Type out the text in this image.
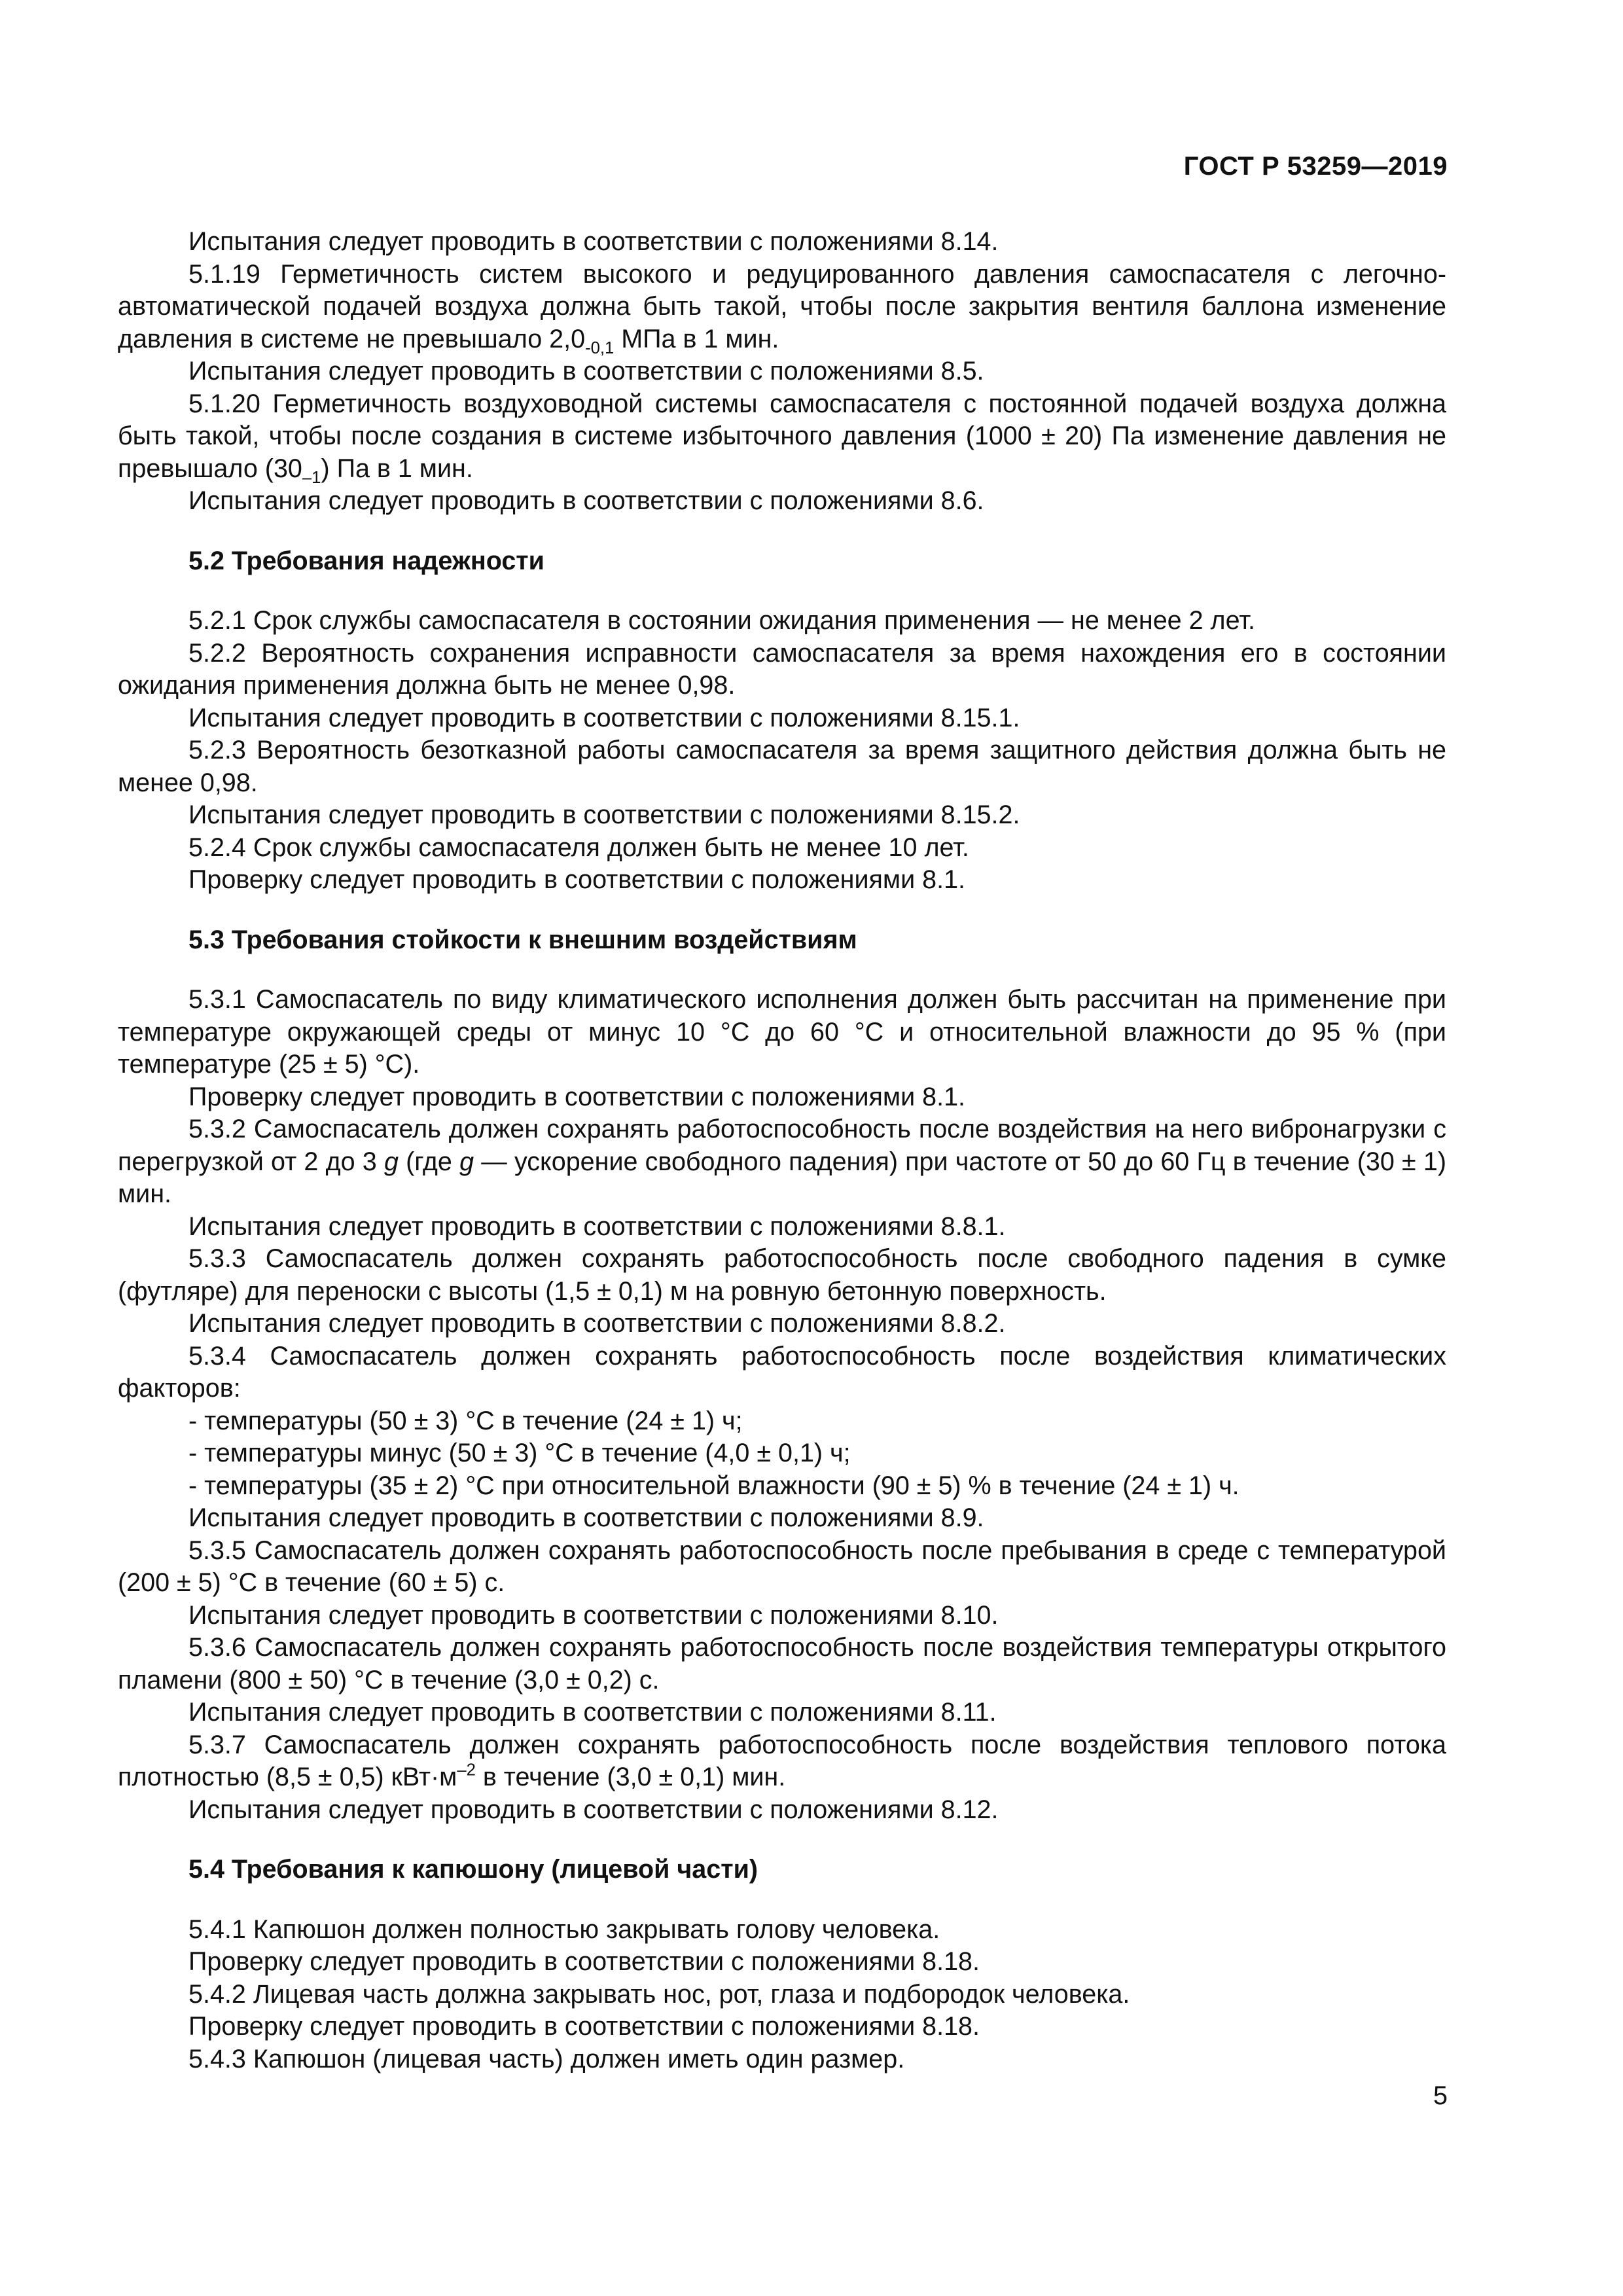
ГОСТ Р 53259—2019

Испытания следует проводить в соответствии с положениями 8.14.

5.1.19 Герметичность систем высокого и редуцированного давления самоспасателя с легочно-автоматической подачей воздуха должна быть такой, чтобы после закрытия вентиля баллона изменение давления в системе не превышало $2,0_{-0,1}$ МПа в 1 мин.

Испытания следует проводить в соответствии с положениями 8.5.

5.1.20 Герметичность воздуховодной системы самоспасателя с постоянной подачей воздуха должна быть такой, чтобы после создания в системе избыточного давления (1000 ± 20) Па изменение давления не превышало $(30_{-1})$ Па в 1 мин.

Испытания следует проводить в соответствии с положениями 8.6.

5.2 Требования надежности

5.2.1 Срок службы самоспасателя в состоянии ожидания применения — не менее 2 лет.

5.2.2 Вероятность сохранения исправности самоспасателя за время нахождения его в состоянии ожидания применения должна быть не менее 0,98.

Испытания следует проводить в соответствии с положениями 8.15.1.

5.2.3 Вероятность безотказной работы самоспасателя за время защитного действия должна быть не менее 0,98.

Испытания следует проводить в соответствии с положениями 8.15.2.

5.2.4 Срок службы самоспасателя должен быть не менее 10 лет.

Проверку следует проводить в соответствии с положениями 8.1.

5.3 Требования стойкости к внешним воздействиям

5.3.1 Самоспасатель по виду климатического исполнения должен быть рассчитан на применение при температуре окружающей среды от минус 10 °С до 60 °С и относительной влажности до 95 % (при температуре (25 ± 5) °С).

Проверку следует проводить в соответствии с положениями 8.1.

5.3.2 Самоспасатель должен сохранять работоспособность после воздействия на него вибронагрузки с перегрузкой от 2 до 3 g (где g — ускорение свободного падения) при частоте от 50 до 60 Гц в течение (30 ± 1) мин.

Испытания следует проводить в соответствии с положениями 8.8.1.

5.3.3 Самоспасатель должен сохранять работоспособность после свободного падения в сумке (футляре) для переноски с высоты (1,5 ± 0,1) м на ровную бетонную поверхность.

Испытания следует проводить в соответствии с положениями 8.8.2.

5.3.4 Самоспасатель должен сохранять работоспособность после воздействия климатических факторов:

- температуры (50 ± 3) °С в течение (24 ± 1) ч;

- температуры минус (50 ± 3) °С в течение (4,0 ± 0,1) ч;

- температуры (35 ± 2) °С при относительной влажности (90 ± 5) % в течение (24 ± 1) ч.

Испытания следует проводить в соответствии с положениями 8.9.

5.3.5 Самоспасатель должен сохранять работоспособность после пребывания в среде с температурой (200 ± 5) °С в течение (60 ± 5) с.

Испытания следует проводить в соответствии с положениями 8.10.

5.3.6 Самоспасатель должен сохранять работоспособность после воздействия температуры открытого пламени (800 ± 50) °С в течение (3,0 ± 0,2) с.

Испытания следует проводить в соответствии с положениями 8.11.

5.3.7 Самоспасатель должен сохранять работоспособность после воздействия теплового потока плотностью (8,5 ± 0,5) $кВт\cdot м^{-2}$ в течение (3,0 ± 0,1) мин.

Испытания следует проводить в соответствии с положениями 8.12.

5.4 Требования к капюшону (лицевой части)

5.4.1 Капюшон должен полностью закрывать голову человека.

Проверку следует проводить в соответствии с положениями 8.18.

5.4.2 Лицевая часть должна закрывать нос, рот, глаза и подбородок человека.

Проверку следует проводить в соответствии с положениями 8.18.

5.4.3 Капюшон (лицевая часть) должен иметь один размер.

5
